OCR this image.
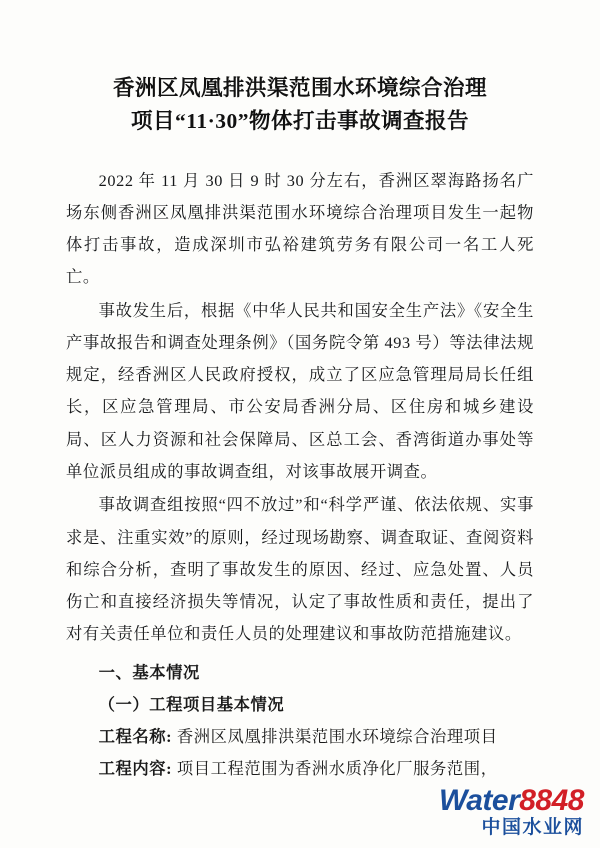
香洲区凤凰排洪渠范围水环境综合治理
项目“11·30”物体打击事故调查报告

2022 年 11 月 30 日 9 时 30 分左右，香洲区翠海路扬名广场东侧香洲区凤凰排洪渠范围水环境综合治理项目发生一起物体打击事故，造成深圳市弘裕建筑劳务有限公司一名工人死亡。

事故发生后，根据《中华人民共和国安全生产法》《安全生产事故报告和调查处理条例》（国务院令第 493 号）等法律法规规定，经香洲区人民政府授权，成立了区应急管理局局长任组长，区应急管理局、市公安局香洲分局、区住房和城乡建设局、区人力资源和社会保障局、区总工会、香湾街道办事处等单位派员组成的事故调查组，对该事故展开调查。

事故调查组按照“四不放过”和“科学严谨、依法依规、实事求是、注重实效”的原则，经过现场勘察、调查取证、查阅资料和综合分析，查明了事故发生的原因、经过、应急处置、人员伤亡和直接经济损失等情况，认定了事故性质和责任，提出了对有关责任单位和责任人员的处理建议和事故防范措施建议。

一、基本情况

（一）工程项目基本情况

工程名称: 香洲区凤凰排洪渠范围水环境综合治理项目

工程内容: 项目工程范围为香洲水质净化厂服务范围，

Water8848
中国水业网
